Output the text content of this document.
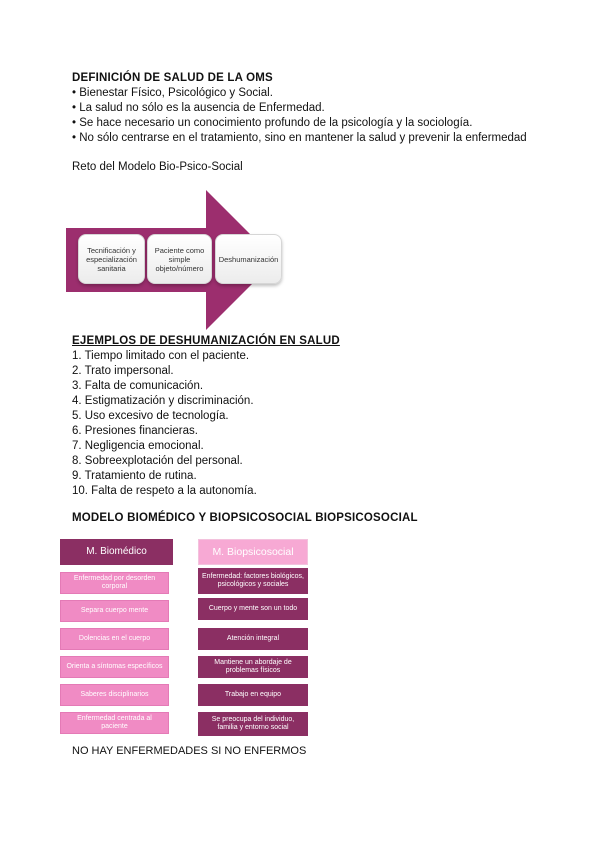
DEFINICIÓN DE SALUD DE LA OMS
• Bienestar Físico, Psicológico y Social.
• La salud no sólo es la ausencia de Enfermedad.
• Se hace necesario un conocimiento profundo de la psicología y la sociología.
• No sólo centrarse en el tratamiento, sino en mantener la salud y prevenir la enfermedad
Reto del Modelo Bio-Psico-Social
Tecnificación y especialización sanitaria
Paciente como simple objeto/número
Deshumanización
EJEMPLOS DE DESHUMANIZACIÓN EN SALUD
1. Tiempo limitado con el paciente.
2. Trato impersonal.
3. Falta de comunicación.
4. Estigmatización y discriminación.
5. Uso excesivo de tecnología.
6. Presiones financieras.
7. Negligencia emocional.
8. Sobreexplotación del personal.
9. Tratamiento de rutina.
10. Falta de respeto a la autonomía.
MODELO BIOMÉDICO Y BIOPSICOSOCIAL BIOPSICOSOCIAL
M. Biomédico	M. Biopsicosocial
Enfermedad por desorden corporal
Separa cuerpo mente
Dolencias en el cuerpo
Orienta a síntomas específicos
Saberes disciplinarios
Enfermedad centrada al paciente
Enfermedad: factores biológicos, psicológicos y sociales
Cuerpo y mente son un todo
Atención integral
Mantiene un abordaje de problemas físicos
Trabajo en equipo
Se preocupa del individuo, familia y entorno social
NO HAY ENFERMEDADES SI NO ENFERMOS
